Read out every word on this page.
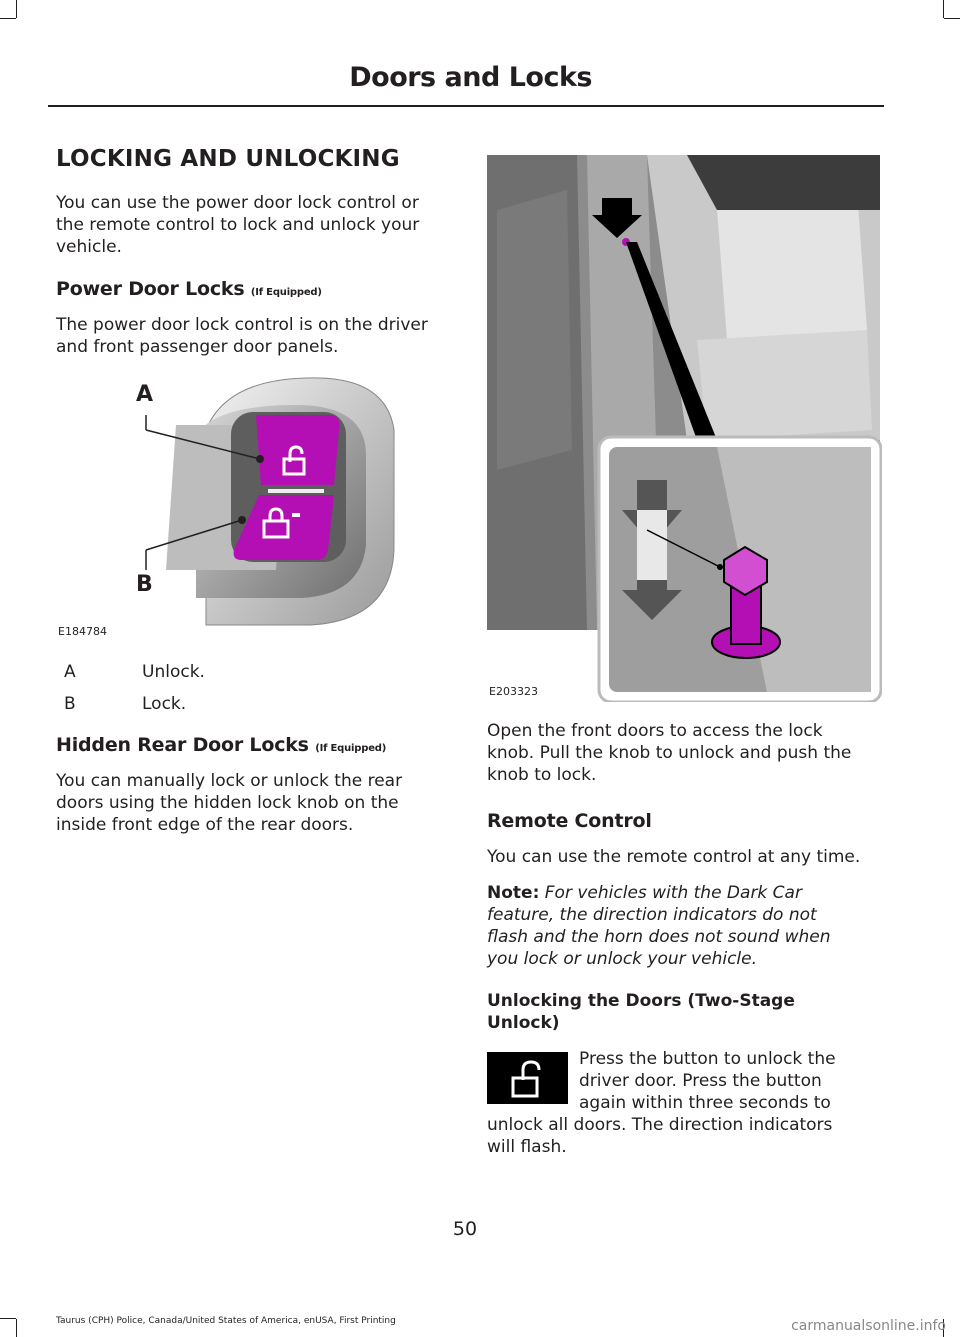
Doors and Locks
LOCKING AND UNLOCKING

You can use the power door lock control or the remote control to lock and unlock your vehicle.

Power Door Locks (If Equipped)

The power door lock control is on the driver and front passenger door panels.

A
B
E184784
A	Unlock.
B	Lock.
Hidden Rear Door Locks (If Equipped)

You can manually lock or unlock the rear doors using the hidden lock knob on the inside front edge of the rear doors.

E203323

Open the front doors to access the lock knob. Pull the knob to unlock and push the knob to lock.

Remote Control

You can use the remote control at any time.

Note: For vehicles with the Dark Car feature, the direction indicators do not flash and the horn does not sound when you lock or unlock your vehicle.

Unlocking the Doors (Two-Stage Unlock)
Press the button to unlock the driver door. Press the button again within three seconds to unlock all doors. The direction indicators will flash.
50
Taurus (CPH) Police, Canada/United States of America, enUSA, First Printing	carmanualsonline.info
